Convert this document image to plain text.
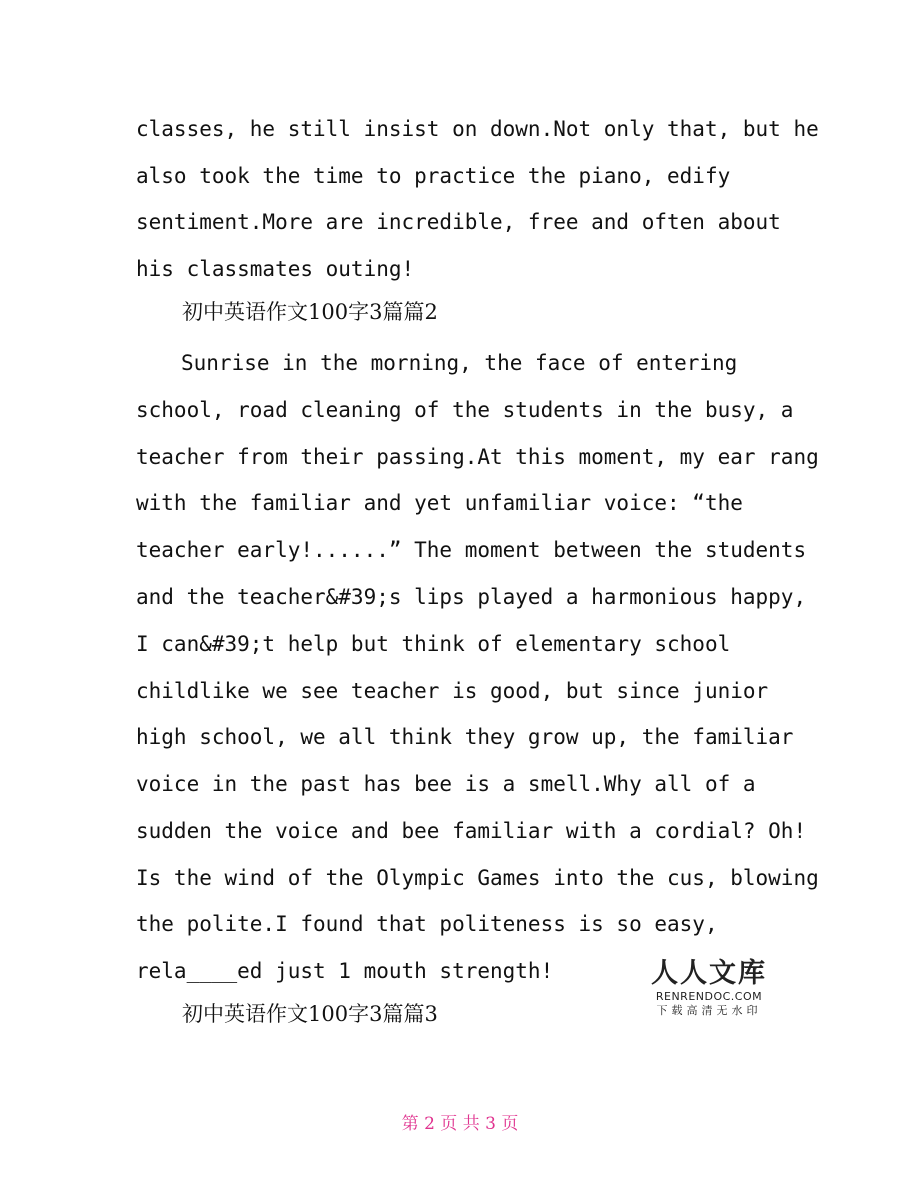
classes, he still insist on down.Not only that, but he
also took the time to practice the piano, edify
sentiment.More are incredible, free and often about
his classmates outing!
初中英语作文100字3篇篇2
Sunrise in the morning, the face of entering
school, road cleaning of the students in the busy, a
teacher from their passing.At this moment, my ear rang
with the familiar and yet unfamiliar voice: “the
teacher early!......” The moment between the students
and the teacher&#39;s lips played a harmonious happy,
I can&#39;t help but think of elementary school
childlike we see teacher is good, but since junior
high school, we all think they grow up, the familiar
voice in the past has bee is a smell.Why all of a
sudden the voice and bee familiar with a cordial? Oh!
Is the wind of the Olympic Games into the cus, blowing
the polite.I found that politeness is so easy,
rela____ed just 1 mouth strength!
初中英语作文100字3篇篇3
人人文库
RENRENDOC.COM
下载高清无水印
第 2 页 共 3 页
